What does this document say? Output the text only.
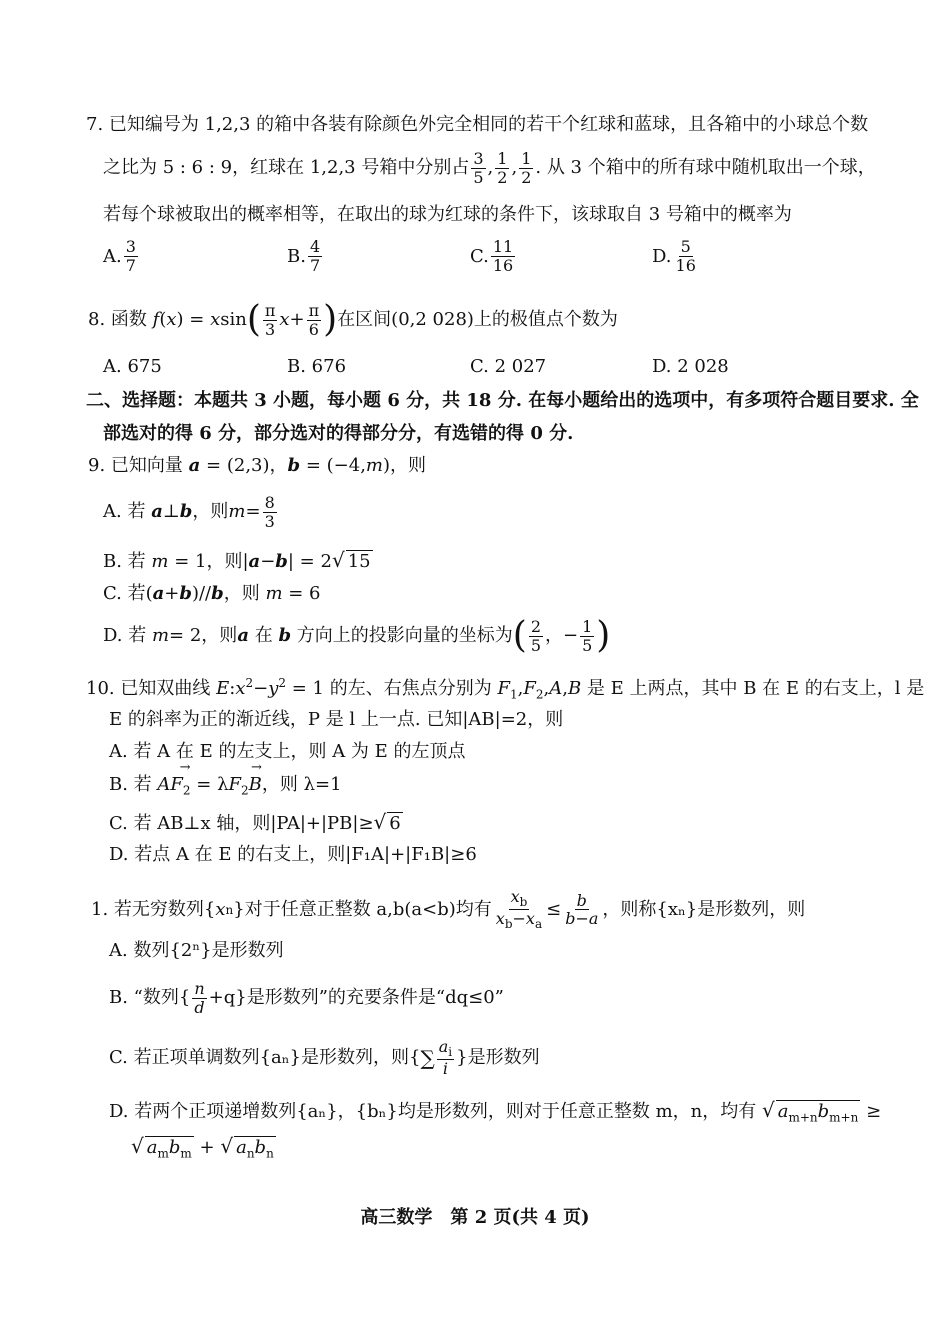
7. 已知编号为 1,2,3 的箱中各装有除颜色外完全相同的若干个红球和蓝球，且各箱中的小球总个数
之比为 5 : 6 : 9，红球在 1,2,3 号箱中分别占 $\frac{3}{5}$ , $\frac{1}{2}$ , $\frac{1}{2}$ . 从 3 个箱中的所有球中随机取出一个球，
若每个球被取出的概率相等，在取出的球为红球的条件下，该球取自 3 号箱中的概率为
A. $\frac{3}{7}$	B. $\frac{4}{7}$	C. $\frac{11}{16}$	D. $\frac{5}{16}$
8. 函数 f(x) = xsin ( $\frac{\pi}{3}$ $x + \frac{\pi}{6}$ ) 在区间(0,2 028)上的极值点个数为
A. 675	B. 676	C. 2 027	D. 2 028
二、选择题：本题共 3 小题，每小题 6 分，共 18 分. 在每小题给出的选项中，有多项符合题目要求. 全
部选对的得 6 分，部分选对的得部分分，有选错的得 0 分.
9. 已知向量 a = (2,3)，b = (−4,m)，则
A. 若
a ⊥ b ，则 $m = \frac{8}{3}$
B. 若 m = 1，则|a−b| = 2√ 15
C. 若(a+b)//b，则 m = 6
D. 若
m = 2，则 a 在 b
方向上的投影向量的坐标为 ( $\frac{2}{5}$ ，− $\frac{1}{5}$ )
10. 已知双曲线 $E:x^2-y^2 = 1$ 的左、右焦点分别为 $F_1,F_2,A,B$ 是 E 上两点，其中 B 在 E 的右支上，l 是
E 的斜率为正的渐近线，P 是 l 上一点. 已知|AB|=2，则
A. 若 A 在 E 的左支上，则 A 为 E 的左顶点
B. 若 → $AF_2 = \lambda\to F_2B$，则 λ=1
C. 若 AB⊥x 轴，则|PA|+|PB|≥√ 6
D. 若点 A 在 E 的右支上，则|F₁A|+|F₁B|≥6
1. 若无穷数列{ x n }对于任意正整数 a,b(a<b)均有 $\frac{x_b}{x_b-x_a} \le \frac{b}{b-a}$ ，则称{xₙ}是形数列，则
A. 数列{2ⁿ}是形数列
B. “数列{ $\frac{n}{d} +q$}是形数列”的充要条件是“dq≤0”
C. 若正项单调数列{aₙ}是形数列，则{ ∑ $\frac{a_i}{i}$ }是形数列
D. 若两个正项递增数列{aₙ}，{bₙ}均是形数列，则对于任意正整数 m，n，均有 √ $a_{m+n}b_{m+n}$ ≥
√ $a_mb_m$ + √ $a_nb_n$
高三数学　第 2 页(共 4 页)
